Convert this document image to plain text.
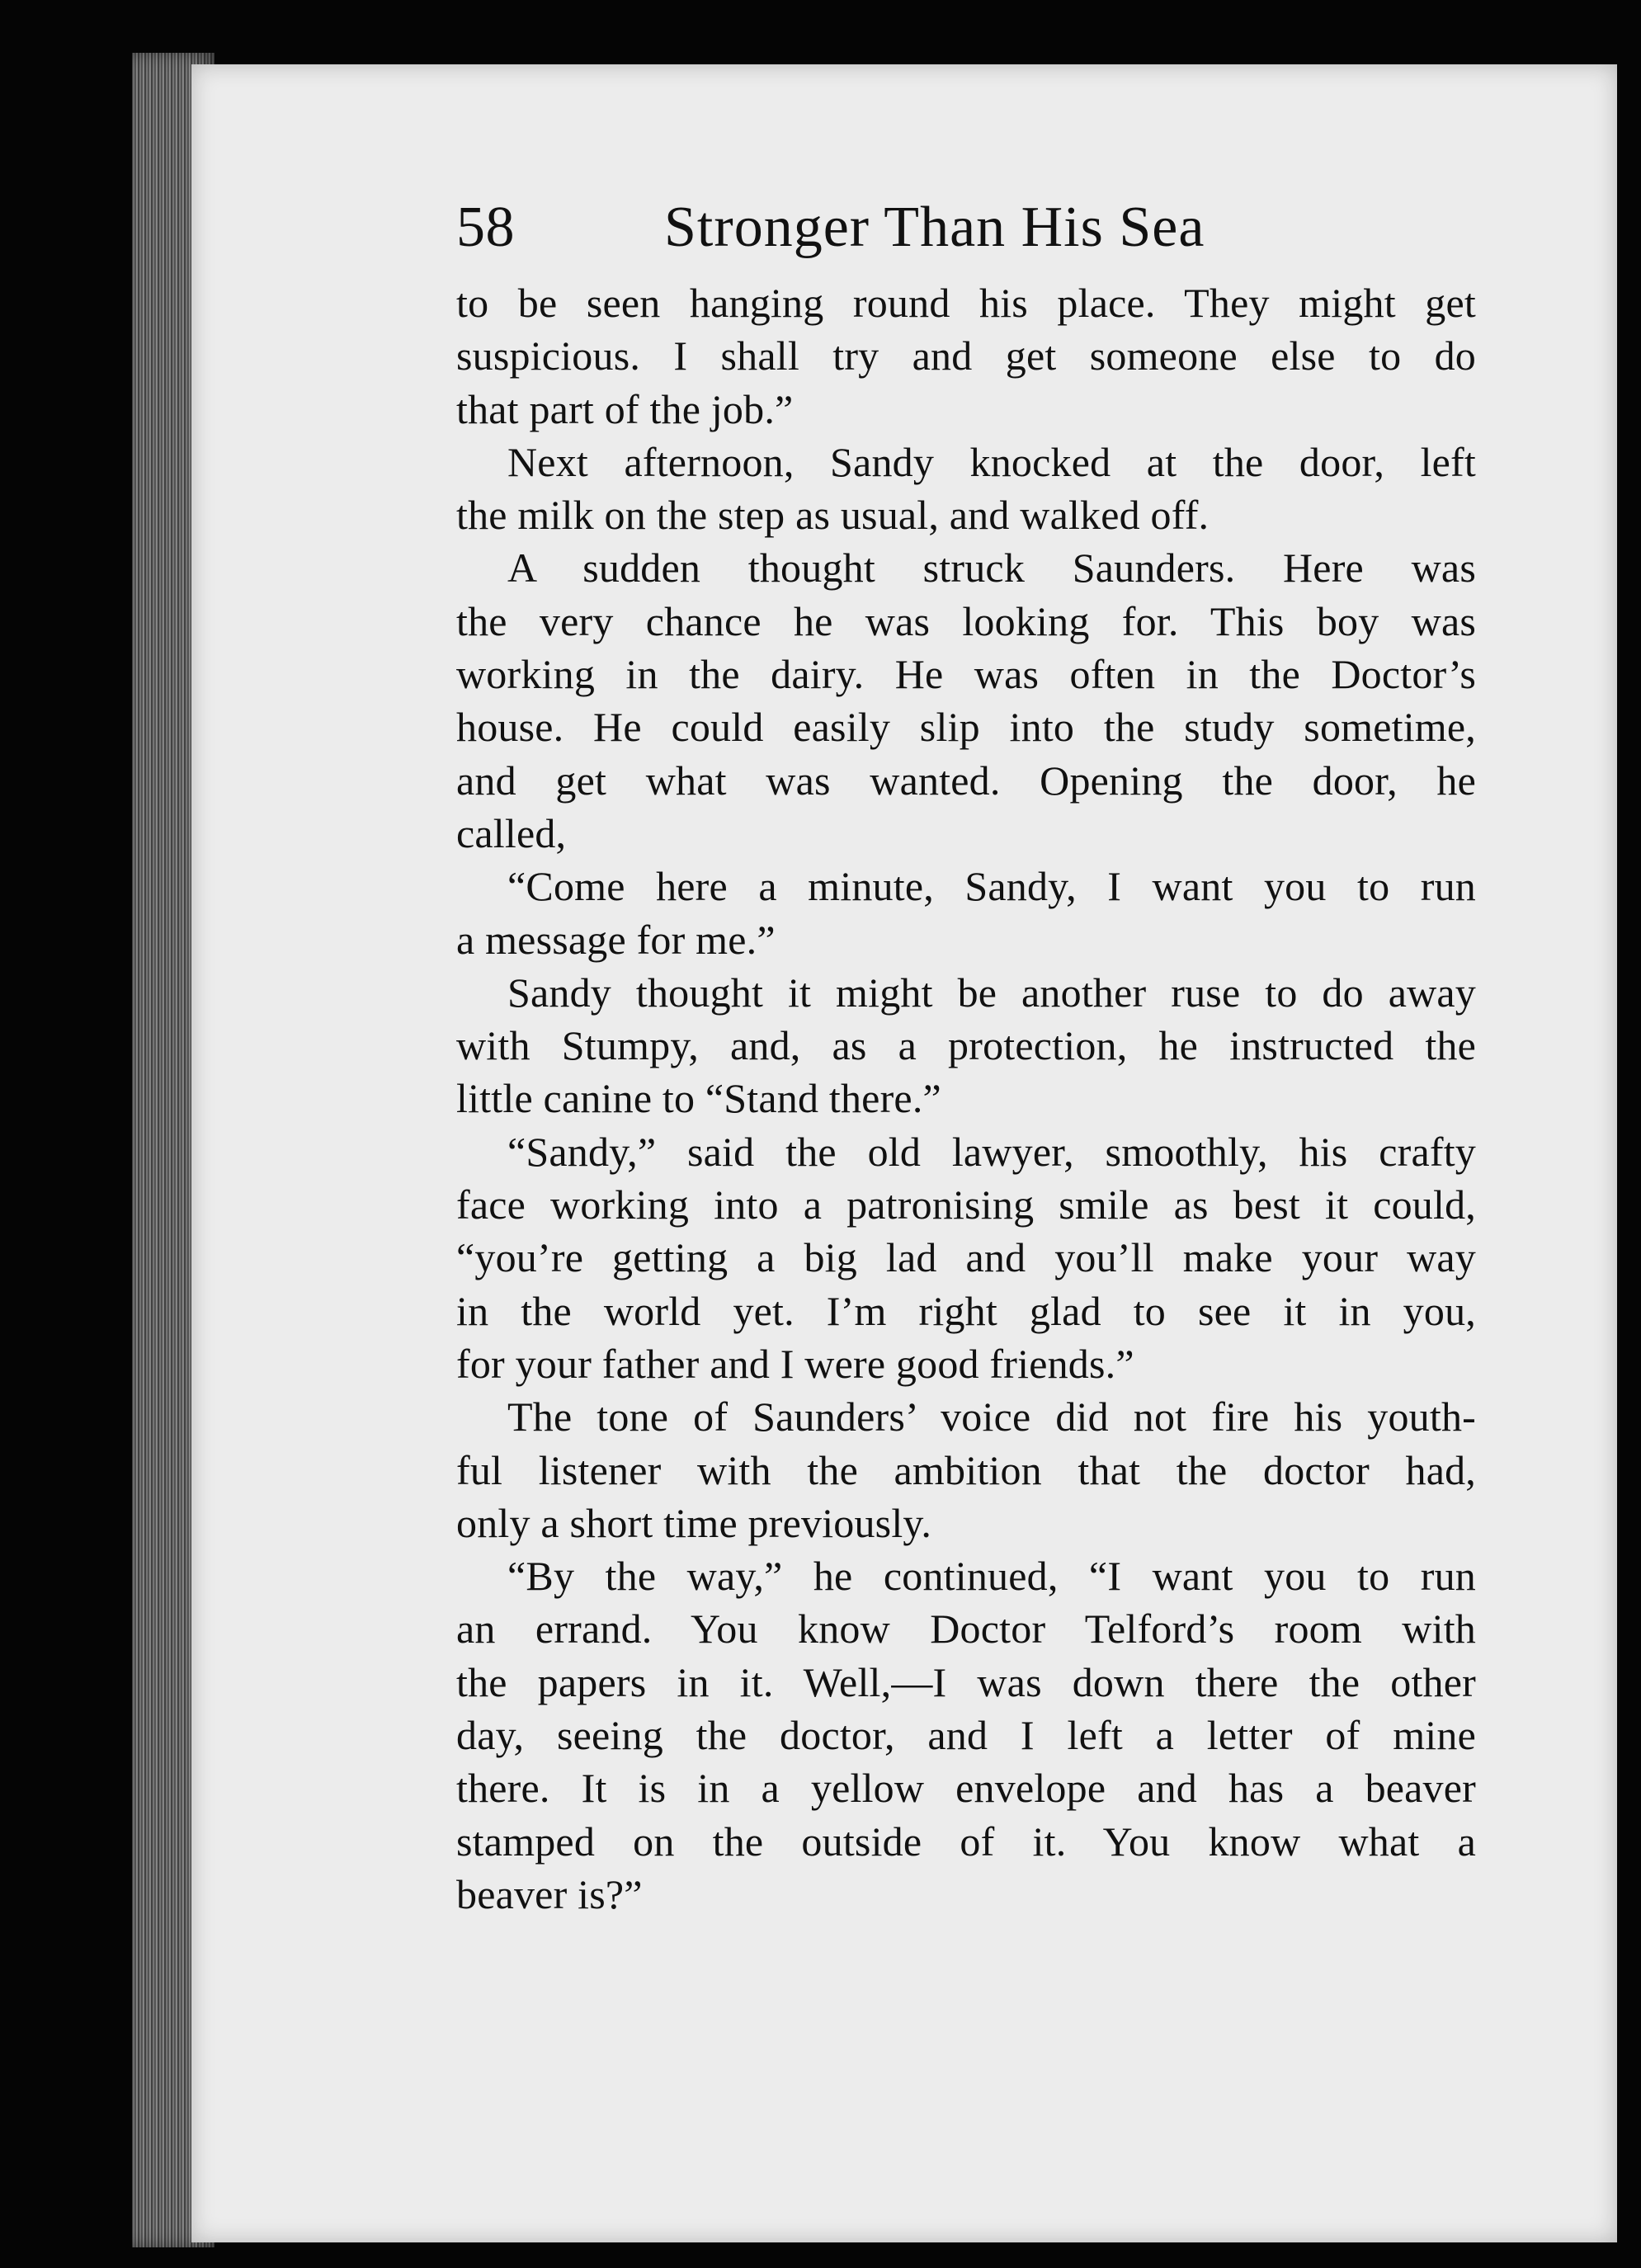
58	Stronger Than His Sea
to be seen hanging round his place. They might get
suspicious. I shall try and get someone else to do
that part of the job.”
Next afternoon, Sandy knocked at the door, left
the milk on the step as usual, and walked off.
A sudden thought struck Saunders. Here was
the very chance he was looking for. This boy was
working in the dairy. He was often in the Doctor’s
house. He could easily slip into the study sometime,
and get what was wanted. Opening the door, he
called,
“Come here a minute, Sandy, I want you to run
a message for me.”
Sandy thought it might be another ruse to do away
with Stumpy, and, as a protection, he instructed the
little canine to “Stand there.”
“Sandy,” said the old lawyer, smoothly, his crafty
face working into a patronising smile as best it could,
“you’re getting a big lad and you’ll make your way
in the world yet. I’m right glad to see it in you,
for your father and I were good friends.”
The tone of Saunders’ voice did not fire his youth-
ful listener with the ambition that the doctor had,
only a short time previously.
“By the way,” he continued, “I want you to run
an errand. You know Doctor Telford’s room with
the papers in it. Well,—I was down there the other
day, seeing the doctor, and I left a letter of mine
there. It is in a yellow envelope and has a beaver
stamped on the outside of it. You know what a
beaver is?”
